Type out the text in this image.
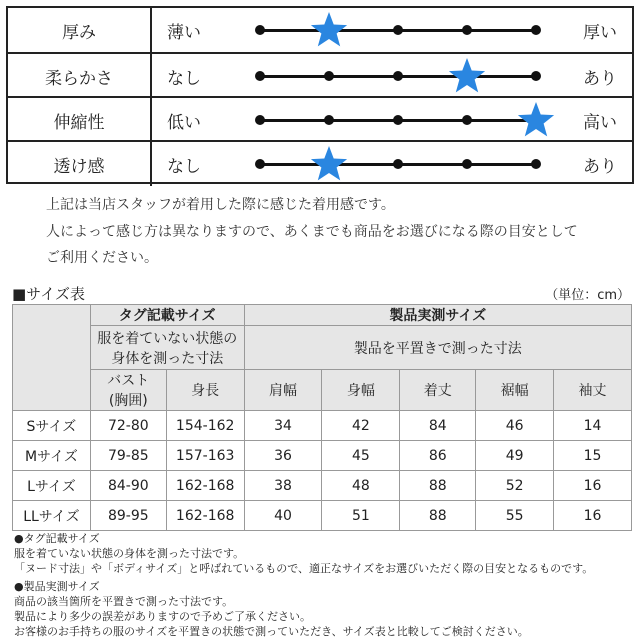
厚み	薄い	厚い
柔らかさ	なし	あり
伸縮性	低い	高い
透け感	なし	あり
上記は当店スタッフが着用した際に感じた着用感です。
人によって感じ方は異なりますので、あくまでも商品をお選びになる際の目安として
ご利用ください。
■サイズ表	（単位：cm）
	タグ記載サイズ		製品実測サイズ				

	服を着ていない状態の
身体を測った寸法		製品を平置きで測った寸法				

	バスト
(胸囲)	身長	肩幅	身幅	着丈	裾幅	袖丈
Sサイズ	72-80	154-162	34	42	84	46	14
Mサイズ	79-85	157-163	36	45	86	49	15
Lサイズ	84-90	162-168	38	48	88	52	16
LLサイズ	89-95	162-168	40	51	88	55	16
●タグ記載サイズ
服を着ていない状態の身体を測った寸法です。
「ヌード寸法」や「ボディサイズ」と呼ばれているもので、適正なサイズをお選びいただく際の目安となるものです。
●製品実測サイズ
商品の該当箇所を平置きで測った寸法です。
製品により多少の誤差がありますので予めご了承ください。
お客様のお手持ちの服のサイズを平置きの状態で測っていただき、サイズ表と比較してご検討ください。
